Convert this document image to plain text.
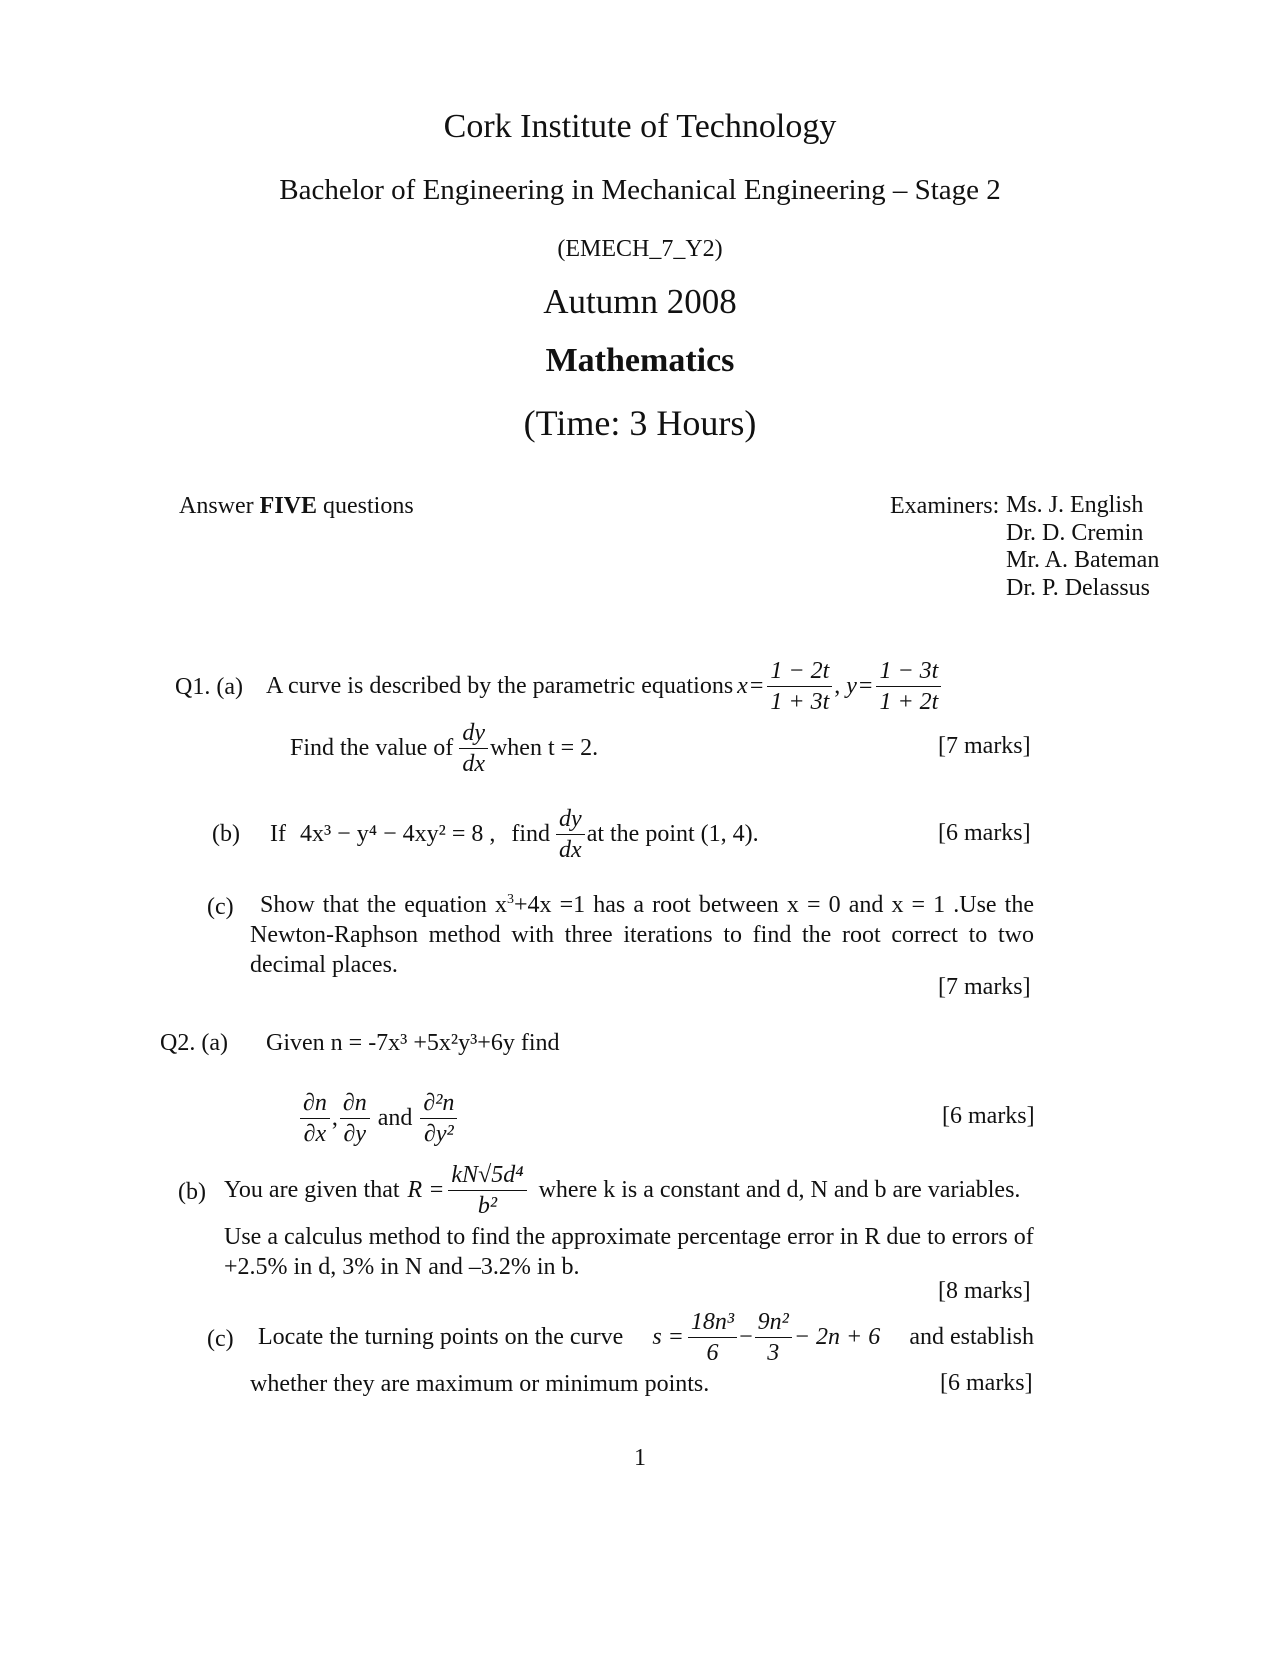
Cork Institute of Technology
Bachelor of Engineering in Mechanical Engineering – Stage 2
(EMECH_7_Y2)
Autumn 2008
Mathematics
(Time: 3 Hours)
Answer FIVE questions	Examiners: Ms. J. English
Dr. D. Cremin
Mr. A. Bateman
Dr. P. Delassus
Q1. (a) A curve is described by the parametric equations $x = \frac{1 - 2t}{1 + 3t}$ , $y = \frac{1 - 3t}{1 + 2t}$
Find the value of $\frac{dy}{dx}$ when t = 2.	[7 marks]
(b) If 4x³ − y⁴ − 4xy² = 8 , find $\frac{dy}{dx}$ at the point (1, 4).	[6 marks]
(c)	Show that the equation $x^3+4x =1$ has a root between x = 0 and x = 1 .Use the Newton-Raphson method with three iterations to find the root correct to two decimal places.
[7 marks]
Q2. (a) Given n = -7x³ +5x²y³+6y find
$\frac{\partial n}{\partial x}$ , $\frac{\partial n}{\partial y}$ and $\frac{\text{∂²n}}{\text{∂y²}}$	[6 marks]
(b) You are given that $R = \frac{\text{kN√5d⁴}}{\text{b²}}$ where k is a constant and d, N and b are variables.
Use a calculus method to find the approximate percentage error in R due to errors of +2.5% in d, 3% in N and –3.2% in b.
[8 marks]
(c) Locate the turning points on the curve $s = \frac{\text{18n³}}{6} - \frac{\text{9n²}}{3} - 2n + 6$ and establish
whether they are maximum or minimum points.	[6 marks]
1
